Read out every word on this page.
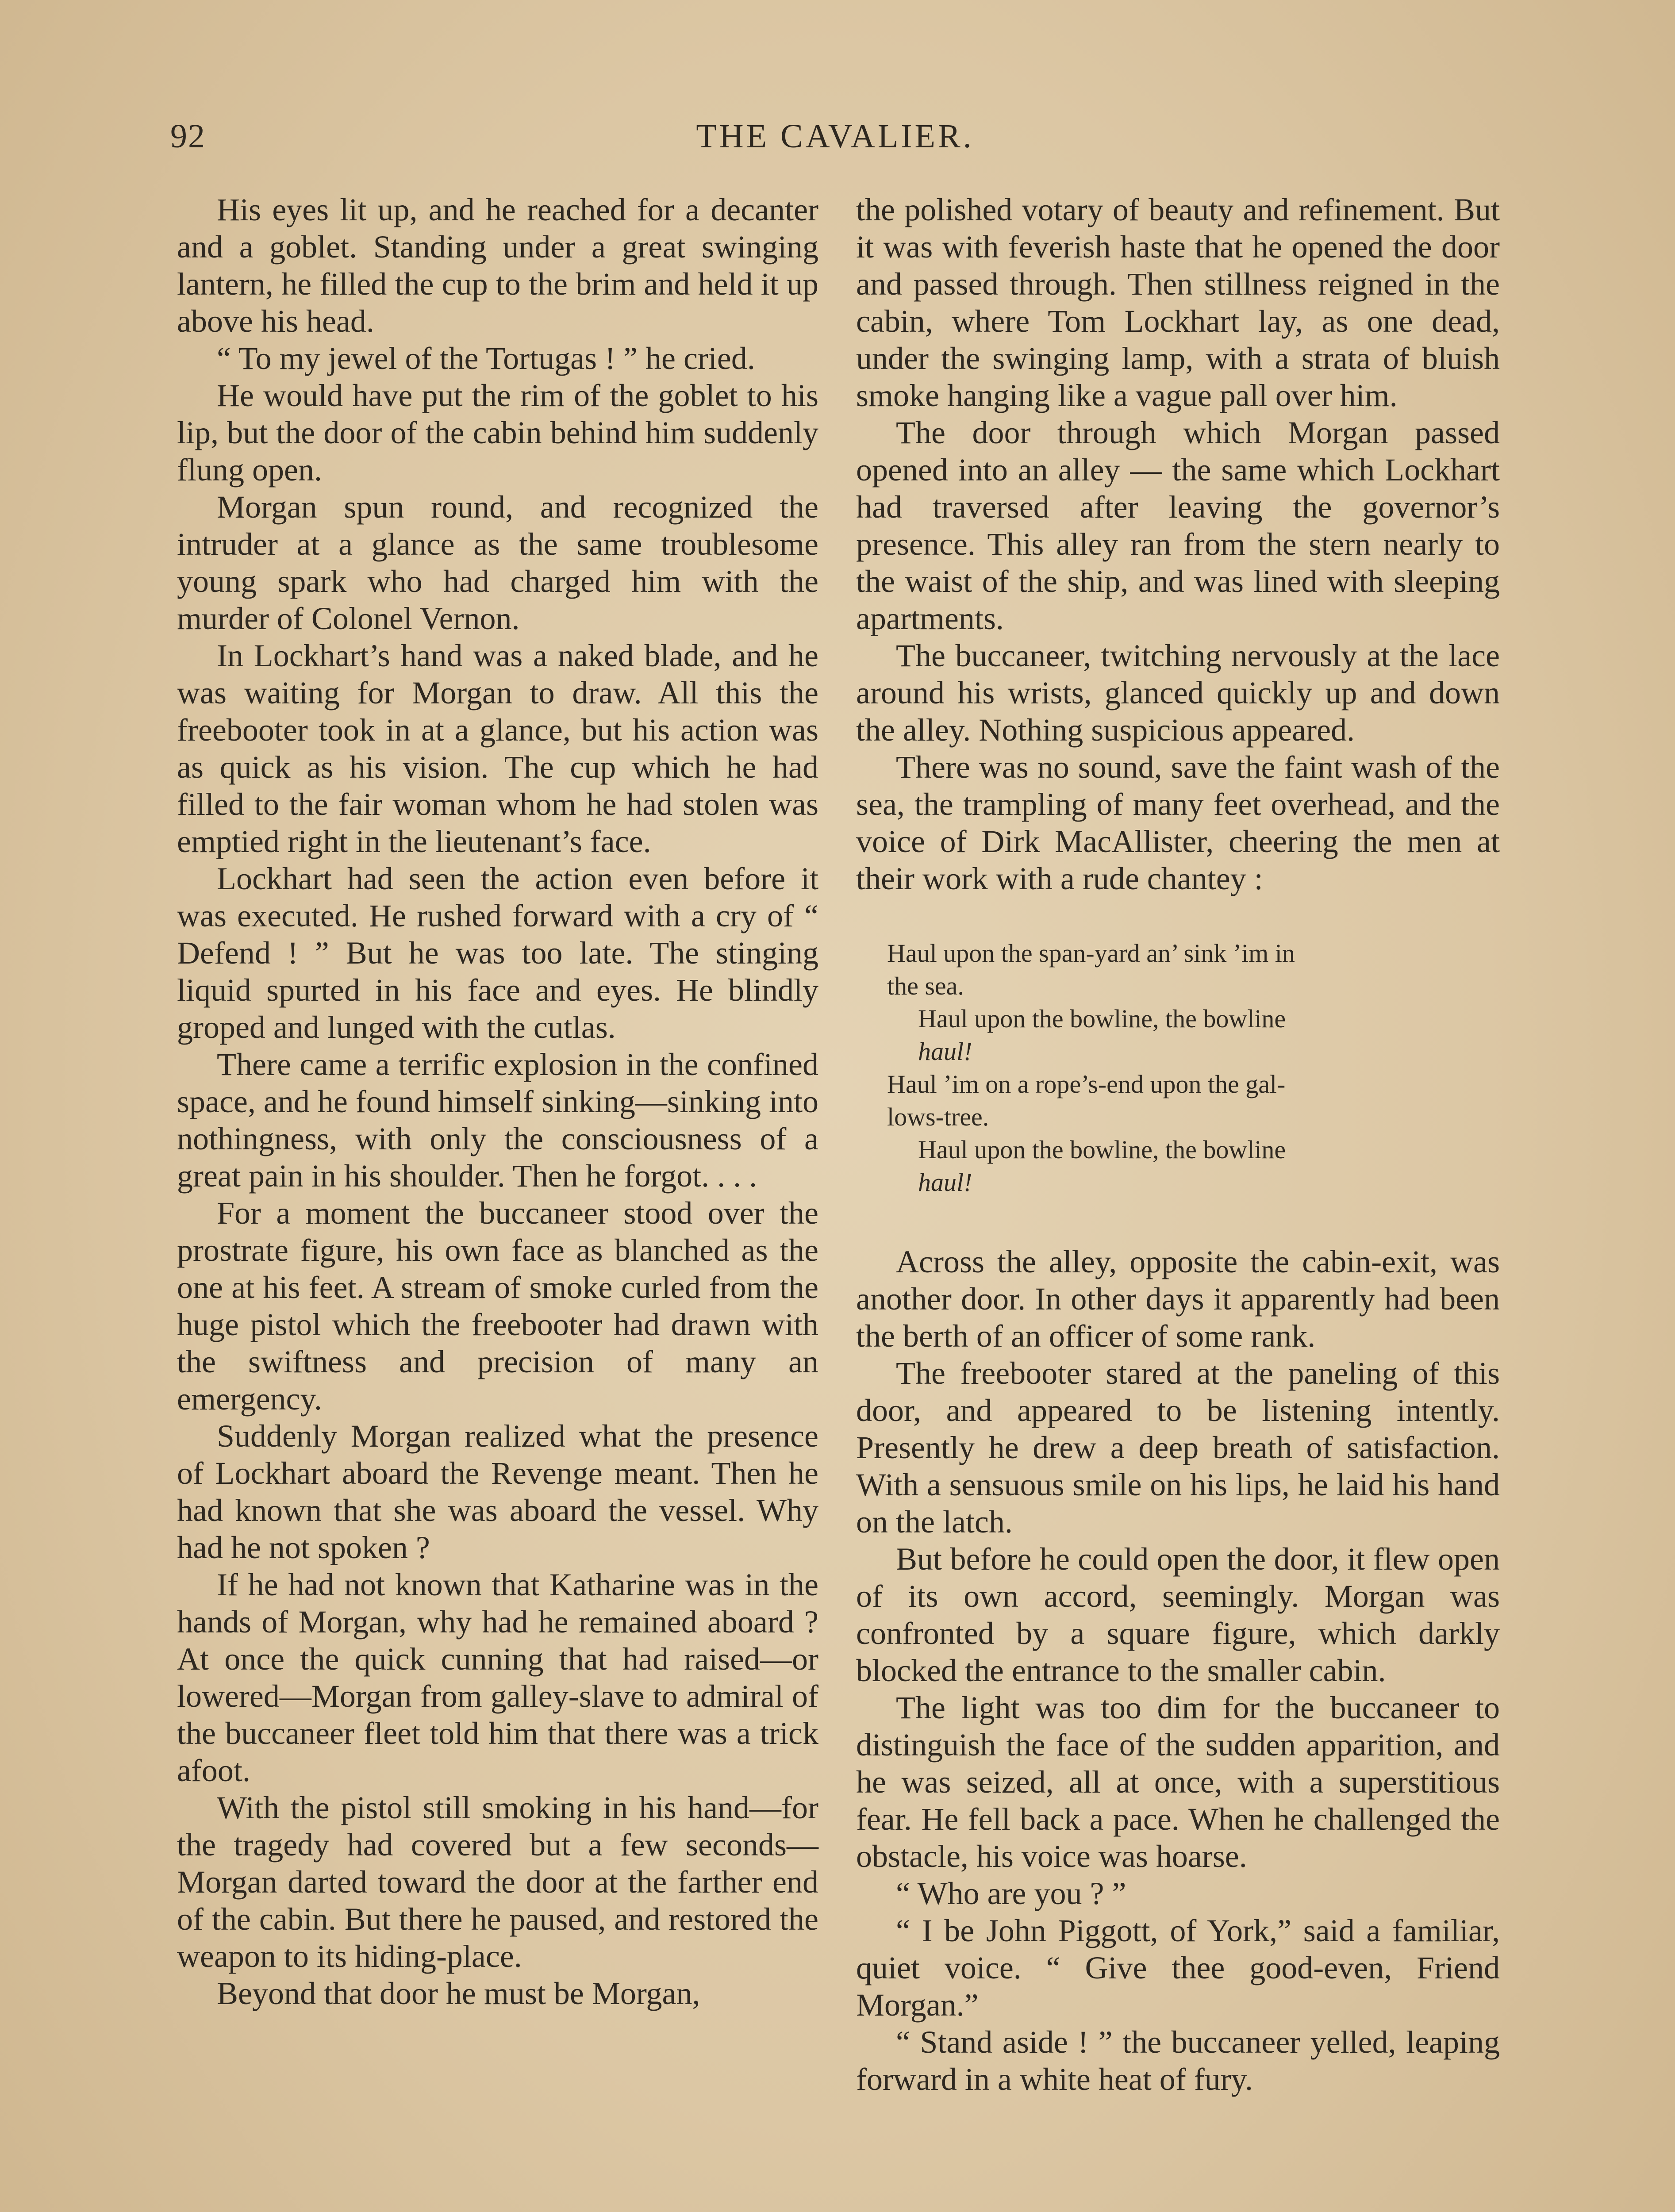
92	THE CAVALIER.

His eyes lit up, and he reached for a decanter and a goblet. Standing under a great swinging lantern, he filled the cup to the brim and held it up above his head.

“ To my jewel of the Tortugas ! ” he cried.

He would have put the rim of the goblet to his lip, but the door of the cabin behind him suddenly flung open.

Morgan spun round, and recognized the intruder at a glance as the same troublesome young spark who had charged him with the murder of Colonel Vernon.

In Lockhart’s hand was a naked blade, and he was waiting for Morgan to draw. All this the freebooter took in at a glance, but his action was as quick as his vision. The cup which he had filled to the fair woman whom he had stolen was emptied right in the lieutenant’s face.

Lockhart had seen the action even before it was executed. He rushed forward with a cry of “ Defend ! ” But he was too late. The stinging liquid spurted in his face and eyes. He blindly groped and lunged with the cutlas.

There came a terrific explosion in the confined space, and he found himself sinking—sinking into nothingness, with only the consciousness of a great pain in his shoulder. Then he forgot. . . .

For a moment the buccaneer stood over the prostrate figure, his own face as blanched as the one at his feet. A stream of smoke curled from the huge pistol which the freebooter had drawn with the swiftness and precision of many an emergency.

Suddenly Morgan realized what the presence of Lockhart aboard the Revenge meant. Then he had known that she was aboard the vessel. Why had he not spoken ?

If he had not known that Katharine was in the hands of Morgan, why had he remained aboard ? At once the quick cunning that had raised—or lowered—Morgan from galley-slave to admiral of the buccaneer fleet told him that there was a trick afoot.

With the pistol still smoking in his hand—for the tragedy had covered but a few seconds—Morgan darted toward the door at the farther end of the cabin. But there he paused, and restored the weapon to its hiding-place.

Beyond that door he must be Morgan,

the polished votary of beauty and refinement. But it was with feverish haste that he opened the door and passed through. Then stillness reigned in the cabin, where Tom Lockhart lay, as one dead, under the swinging lamp, with a strata of bluish smoke hanging like a vague pall over him.

The door through which Morgan passed opened into an alley — the same which Lockhart had traversed after leaving the governor’s presence. This alley ran from the stern nearly to the waist of the ship, and was lined with sleeping apartments.

The buccaneer, twitching nervously at the lace around his wrists, glanced quickly up and down the alley. Nothing suspicious appeared.

There was no sound, save the faint wash of the sea, the trampling of many feet overhead, and the voice of Dirk MacAllister, cheering the men at their work with a rude chantey :

Haul upon the span-yard an’ sink ’im in
the sea.

Haul upon the bowline, the bowline
haul!

Haul ’im on a rope’s-end upon the gal-
lows-tree.

Haul upon the bowline, the bowline
haul!

Across the alley, opposite the cabin-exit, was another door. In other days it apparently had been the berth of an officer of some rank.

The freebooter stared at the paneling of this door, and appeared to be listening intently. Presently he drew a deep breath of satisfaction. With a sensuous smile on his lips, he laid his hand on the latch.

But before he could open the door, it flew open of its own accord, seemingly. Morgan was confronted by a square figure, which darkly blocked the entrance to the smaller cabin.

The light was too dim for the buccaneer to distinguish the face of the sudden apparition, and he was seized, all at once, with a superstitious fear. He fell back a pace. When he challenged the obstacle, his voice was hoarse.

“ Who are you ? ”

“ I be John Piggott, of York,” said a familiar, quiet voice. “ Give thee good-even, Friend Morgan.”

“ Stand aside ! ” the buccaneer yelled, leaping forward in a white heat of fury.
